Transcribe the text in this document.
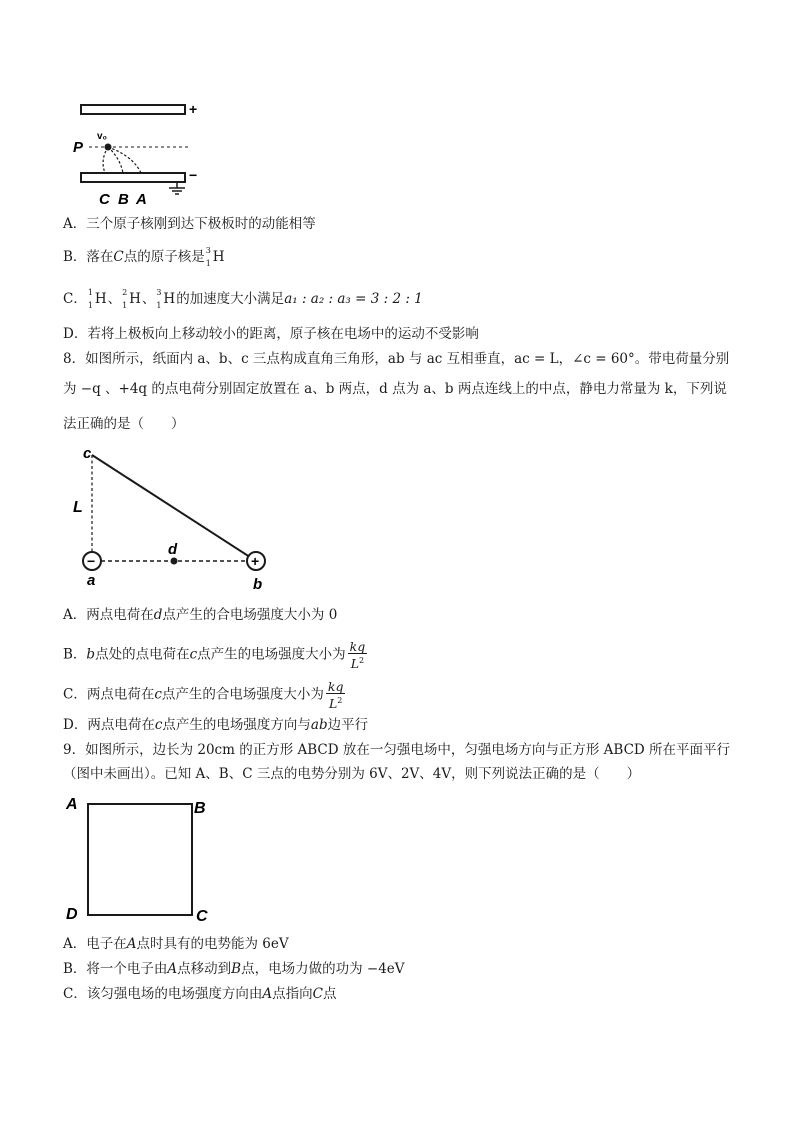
+
−
P
v₀
C B A
A．三个原子核刚到达下极板时的动能相等
B．落在C点的原子核是 3
1 H
C． 1
1 H、 2
1 H、 3
1 H的加速度大小满足a₁ : a₂ : a₃ = 3 : 2 : 1
D．若将上极板向上移动较小的距离，原子核在电场中的运动不受影响
8．如图所示，纸面内 a、b、c 三点构成直角三角形，ab 与 ac 互相垂直，ac = L，∠c = 60°。带电荷量分别
为 −q 、+4q 的点电荷分别固定放置在 a、b 两点，d 点为 a、b 两点连线上的中点，静电力常量为 k，下列说
法正确的是（　　）
−	+
c
L
d
a	b
A．两点电荷在d点产生的合电场强度大小为 0
B．b点处的点电荷在c点产生的电场强度大小为 $\frac{kq}{L^2}$
C．两点电荷在c点产生的合电场强度大小为 $\frac{kq}{L^2}$
D．两点电荷在c点产生的电场强度方向与ab边平行
9．如图所示，边长为 20cm 的正方形 ABCD 放在一匀强电场中，匀强电场方向与正方形 ABCD 所在平面平行
（图中未画出）。已知 A、B、C 三点的电势分别为 6V、2V、4V，则下列说法正确的是（　　）
A	B
D	C
A．电子在A点时具有的电势能为 6eV
B．将一个电子由A点移动到B点，电场力做的功为 −4eV
C．该匀强电场的电场强度方向由A点指向C点
